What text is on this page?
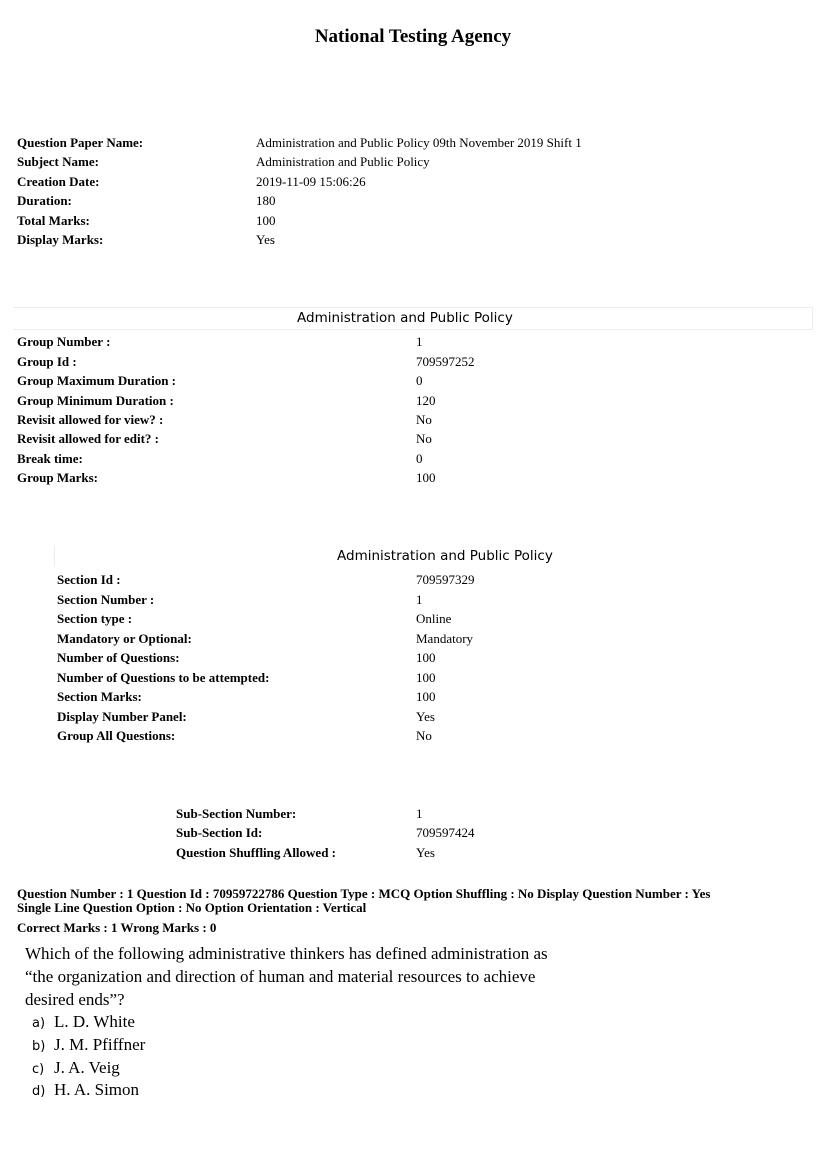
National Testing Agency
Question Paper Name:	Administration and Public Policy 09th November 2019 Shift 1
Subject Name:	Administration and Public Policy
Creation Date:	2019-11-09 15:06:26
Duration:	180
Total Marks:	100
Display Marks:	Yes
Administration and Public Policy
Group Number :	1
Group Id :	709597252
Group Maximum Duration :	0
Group Minimum Duration :	120
Revisit allowed for view? :	No
Revisit allowed for edit? :	No
Break time:	0
Group Marks:	100
Administration and Public Policy
Section Id :	709597329
Section Number :	1
Section type :	Online
Mandatory or Optional:	Mandatory
Number of Questions:	100
Number of Questions to be attempted:	100
Section Marks:	100
Display Number Panel:	Yes
Group All Questions:	No
Sub-Section Number:	1
Sub-Section Id:	709597424
Question Shuffling Allowed :	Yes
Question Number : 1 Question Id : 70959722786 Question Type : MCQ Option Shuffling : No Display Question Number : Yes
Single Line Question Option : No Option Orientation : Vertical
Correct Marks : 1 Wrong Marks : 0
Which of the following administrative thinkers has defined administration as
“the organization and direction of human and material resources to achieve
desired ends”?
a) L. D. White
b) J. M. Pfiffner
c) J. A. Veig
d) H. A. Simon
